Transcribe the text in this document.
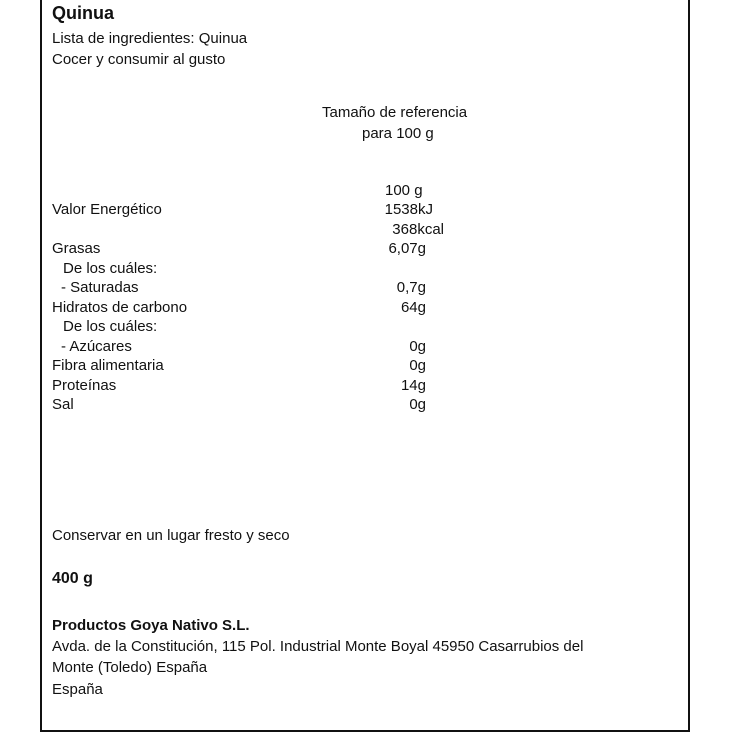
Quinua
Lista de ingredientes: Quinua
Cocer y consumir al gusto
Tamaño de referencia
para 100 g
100 g
Valor Energético	1538kJ
368kcal
Grasas	6,07g
De los cuáles:
- Saturadas	0,7g
Hidratos de carbono	64g
De los cuáles:
- Azúcares	0g
Fibra alimentaria	0g
Proteínas	14g
Sal	0g
Conservar en un lugar fresto y seco
400 g
Productos Goya Nativo S.L.
Avda. de la Constitución, 115 Pol. Industrial Monte Boyal 45950 Casarrubios del
Monte (Toledo) España
España
